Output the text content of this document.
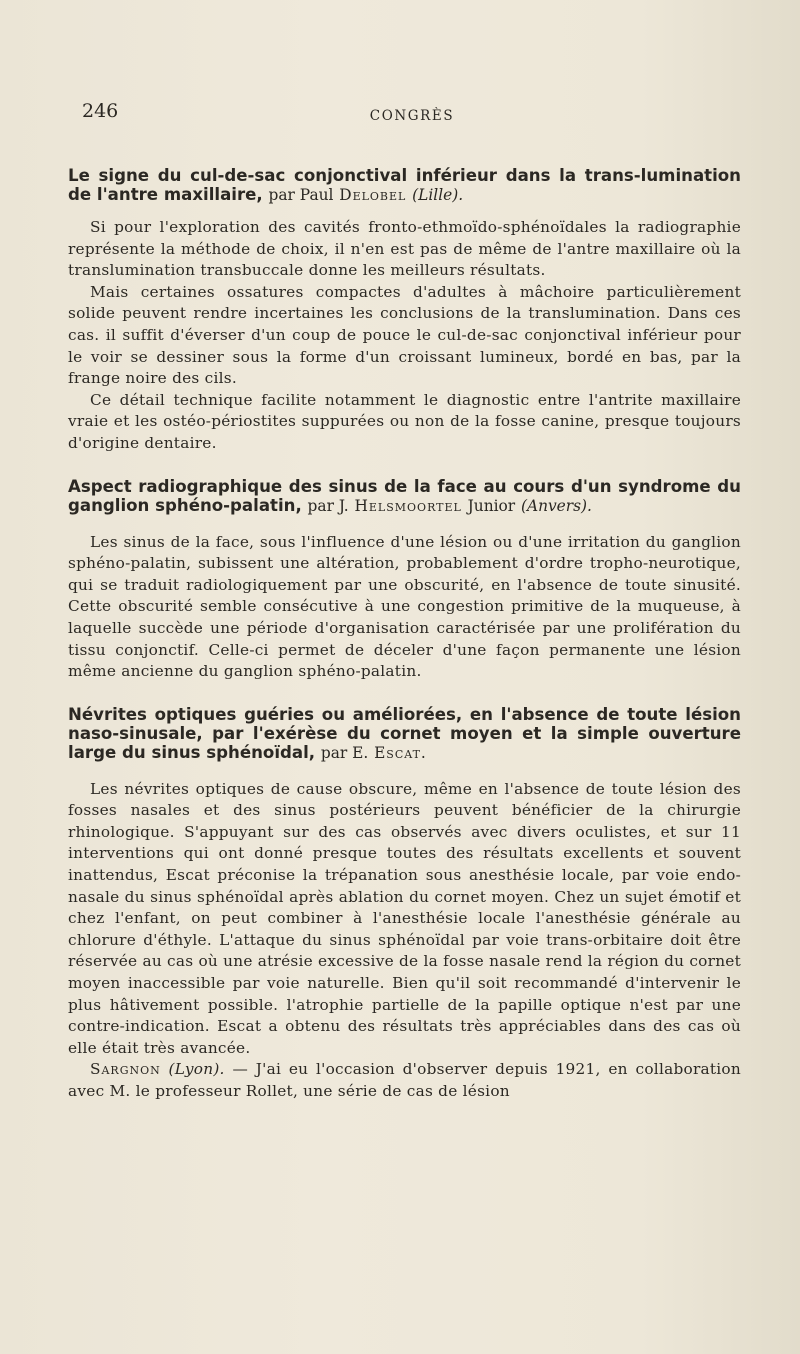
246	CONGRÈS

Le signe du cul-de-sac conjonctival inférieur dans la trans-lumination de l'antre maxillaire, par Paul Delobel (Lille).

Si pour l'exploration des cavités fronto-ethmoïdo-sphénoïdales la radiographie représente la méthode de choix, il n'en est pas de même de l'antre maxillaire où la translumination transbuccale donne les meilleurs résultats.

Mais certaines ossatures compactes d'adultes à mâchoire particulièrement solide peuvent rendre incertaines les conclusions de la translumination. Dans ces cas. il suffit d'éverser d'un coup de pouce le cul-de-sac conjonctival inférieur pour le voir se dessiner sous la forme d'un croissant lumineux, bordé en bas, par la frange noire des cils.

Ce détail technique facilite notamment le diagnostic entre l'antrite maxillaire vraie et les ostéo-périostites suppurées ou non de la fosse canine, presque toujours d'origine dentaire.

Aspect radiographique des sinus de la face au cours d'un syndrome du ganglion sphéno-palatin, par J. Helsmoortel Junior (Anvers).

Les sinus de la face, sous l'influence d'une lésion ou d'une irritation du ganglion sphéno-palatin, subissent une altération, probablement d'ordre tropho-neurotique, qui se traduit radiologiquement par une obscurité, en l'absence de toute sinusité. Cette obscurité semble consécutive à une congestion primitive de la muqueuse, à laquelle succède une période d'organisation caractérisée par une prolifération du tissu conjonctif. Celle-ci permet de déceler d'une façon permanente une lésion même ancienne du ganglion sphéno-palatin.

Névrites optiques guéries ou améliorées, en l'absence de toute lésion naso-sinusale, par l'exérèse du cornet moyen et la simple ouverture large du sinus sphénoïdal, par E. Escat.

Les névrites optiques de cause obscure, même en l'absence de toute lésion des fosses nasales et des sinus postérieurs peuvent bénéficier de la chirurgie rhinologique. S'appuyant sur des cas observés avec divers oculistes, et sur 11 interventions qui ont donné presque toutes des résultats excellents et souvent inattendus, Escat préconise la trépanation sous anesthésie locale, par voie endo-nasale du sinus sphénoïdal après ablation du cornet moyen. Chez un sujet émotif et chez l'enfant, on peut combiner à l'anesthésie locale l'anesthésie générale au chlorure d'éthyle. L'attaque du sinus sphénoïdal par voie trans-orbitaire doit être réservée au cas où une atrésie excessive de la fosse nasale rend la région du cornet moyen inaccessible par voie naturelle. Bien qu'il soit recommandé d'intervenir le plus hâtivement possible. l'atrophie partielle de la papille optique n'est par une contre-indication. Escat a obtenu des résultats très appréciables dans des cas où elle était très avancée.

Sargnon (Lyon). — J'ai eu l'occasion d'observer depuis 1921, en collaboration avec M. le professeur Rollet, une série de cas de lésion
